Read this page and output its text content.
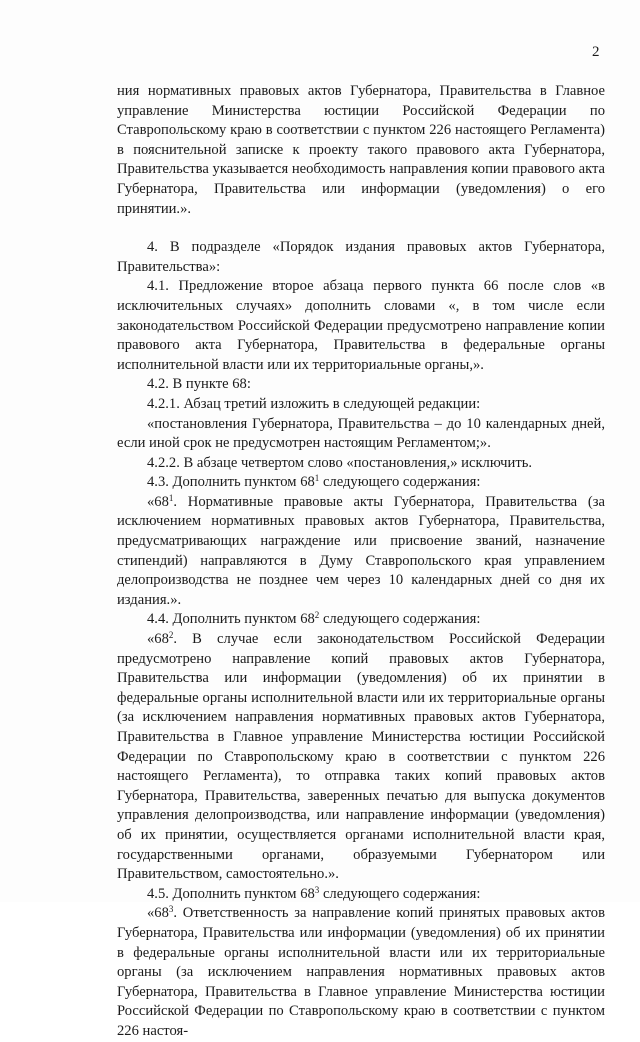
2

ния нормативных правовых актов Губернатора, Правительства в Главное управление Министерства юстиции Российской Федерации по Ставропольскому краю в соответствии с пунктом 226 настоящего Регламента) в пояснительной записке к проекту такого правового акта Губернатора, Правительства указывается необходимость направления копии правового акта Губернатора, Правительства или информации (уведомления) о его принятии.».

4. В подразделе «Порядок издания правовых актов Губернатора, Правительства»:

4.1. Предложение второе абзаца первого пункта 66 после слов «в исключительных случаях» дополнить словами «, в том числе если законодательством Российской Федерации предусмотрено направление копии правового акта Губернатора, Правительства в федеральные органы исполнительной власти или их территориальные органы,».

4.2. В пункте 68:

4.2.1. Абзац третий изложить в следующей редакции:

«постановления Губернатора, Правительства – до 10 календарных дней, если иной срок не предусмотрен настоящим Регламентом;».

4.2.2. В абзаце четвертом слово «постановления,» исключить.

4.3. Дополнить пунктом $68^1$ следующего содержания:

«$68^1$. Нормативные правовые акты Губернатора, Правительства (за исключением нормативных правовых актов Губернатора, Правительства, предусматривающих награждение или присвоение званий, назначение стипендий) направляются в Думу Ставропольского края управлением делопроизводства не позднее чем через 10 календарных дней со дня их издания.».

4.4. Дополнить пунктом $68^2$ следующего содержания:

«$68^2$. В случае если законодательством Российской Федерации предусмотрено направление копий правовых актов Губернатора, Правительства или информации (уведомления) об их принятии в федеральные органы исполнительной власти или их территориальные органы (за исключением направления нормативных правовых актов Губернатора, Правительства в Главное управление Министерства юстиции Российской Федерации по Ставропольскому краю в соответствии с пунктом 226 настоящего Регламента), то отправка таких копий правовых актов Губернатора, Правительства, заверенных печатью для выпуска документов управления делопроизводства, или направление информации (уведомления) об их принятии, осуществляется органами исполнительной власти края, государственными органами, образуемыми Губернатором или Правительством, самостоятельно.».

4.5. Дополнить пунктом $68^3$ следующего содержания:

«$68^3$. Ответственность за направление копий принятых правовых актов Губернатора, Правительства или информации (уведомления) об их принятии в федеральные органы исполнительной власти или их территориальные органы (за исключением направления нормативных правовых актов Губернатора, Правительства в Главное управление Министерства юстиции Российской Федерации по Ставропольскому краю в соответствии с пунктом 226 настоя-
